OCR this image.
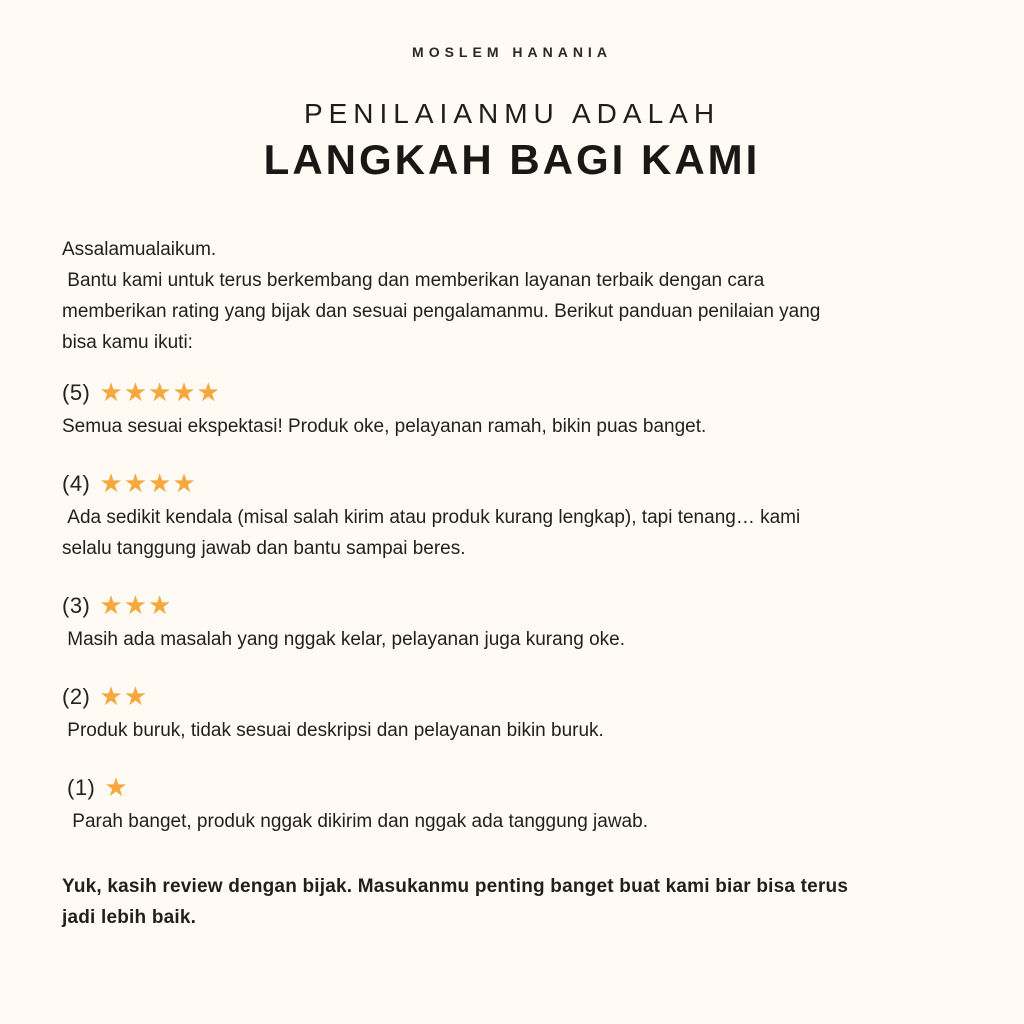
MOSLEM HANANIA
PENILAIANMU ADALAH
LANGKAH BAGI KAMI
Assalamualaikum.
Bantu kami untuk terus berkembang dan memberikan layanan terbaik dengan cara
memberikan rating yang bijak dan sesuai pengalamanmu. Berikut panduan penilaian yang
bisa kamu ikuti:
(5) ★★★★★
Semua sesuai ekspektasi! Produk oke, pelayanan ramah, bikin puas banget.
(4) ★★★★
Ada sedikit kendala (misal salah kirim atau produk kurang lengkap), tapi tenang… kami
selalu tanggung jawab dan bantu sampai beres.
(3) ★★★
Masih ada masalah yang nggak kelar, pelayanan juga kurang oke.
(2) ★★
Produk buruk, tidak sesuai deskripsi dan pelayanan bikin buruk.
(1) ★
Parah banget, produk nggak dikirim dan nggak ada tanggung jawab.
Yuk, kasih review dengan bijak. Masukanmu penting banget buat kami biar bisa terus
jadi lebih baik.
